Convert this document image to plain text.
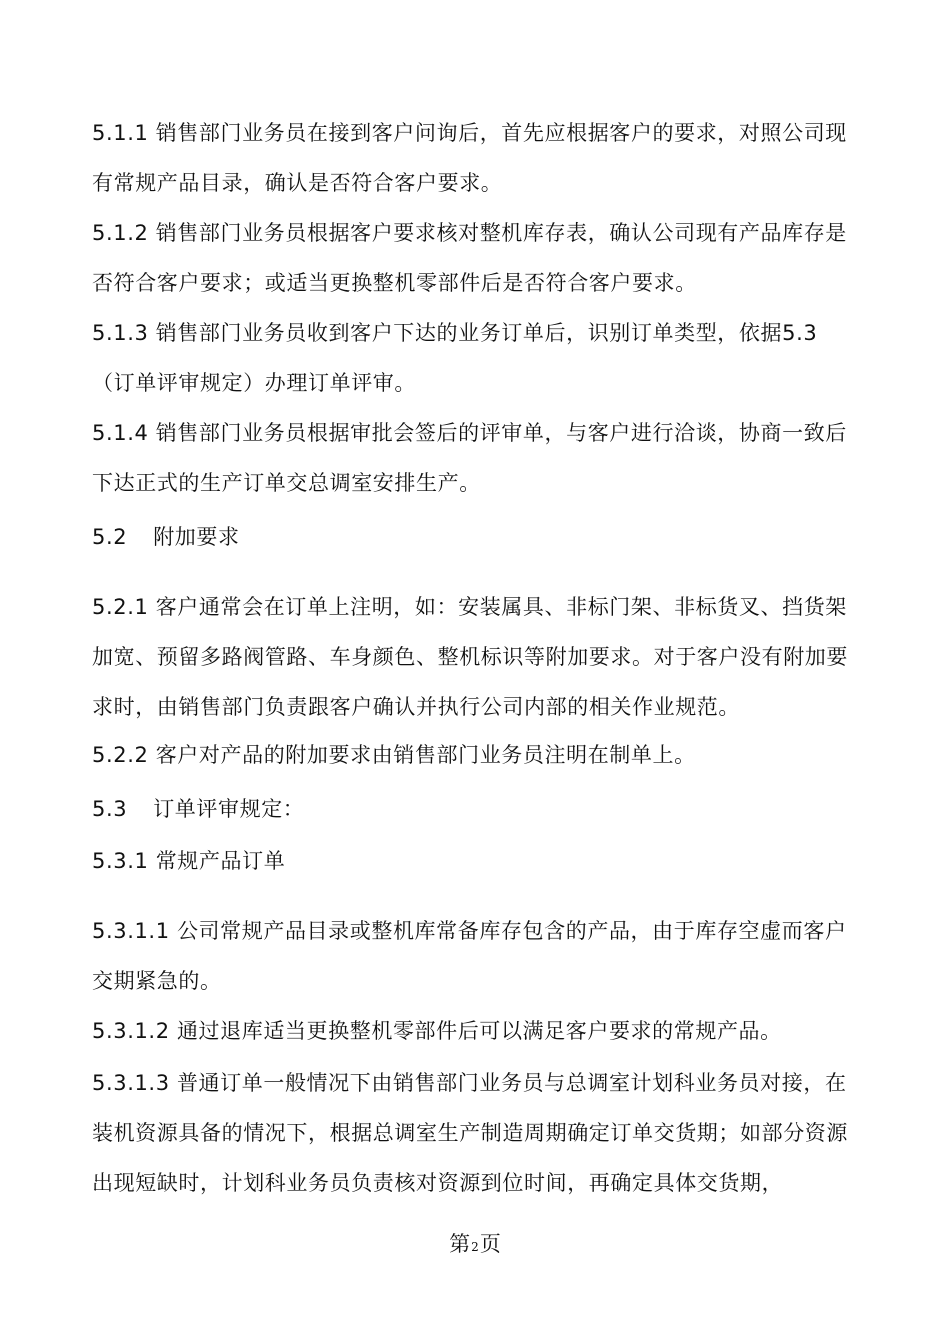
5.1.1 销售部门业务员在接到客户问询后，首先应根据客户的要求，对照公司现有常规产品目录，确认是否符合客户要求。

5.1.2 销售部门业务员根据客户要求核对整机库存表，确认公司现有产品库存是否符合客户要求；或适当更换整机零部件后是否符合客户要求。

5.1.3 销售部门业务员收到客户下达的业务订单后，识别订单类型，依据5.3（订单评审规定）办理订单评审。

5.1.4 销售部门业务员根据审批会签后的评审单，与客户进行洽谈，协商一致后下达正式的生产订单交总调室安排生产。

5.2 附加要求

5.2.1 客户通常会在订单上注明，如：安装属具、非标门架、非标货叉、挡货架加宽、预留多路阀管路、车身颜色、整机标识等附加要求。对于客户没有附加要求时，由销售部门负责跟客户确认并执行公司内部的相关作业规范。

5.2.2 客户对产品的附加要求由销售部门业务员注明在制单上。

5.3 订单评审规定：

5.3.1 常规产品订单

5.3.1.1 公司常规产品目录或整机库常备库存包含的产品，由于库存空虚而客户交期紧急的。

5.3.1.2 通过退库适当更换整机零部件后可以满足客户要求的常规产品。

5.3.1.3 普通订单一般情况下由销售部门业务员与总调室计划科业务员对接，在装机资源具备的情况下，根据总调室生产制造周期确定订单交货期；如部分资源出现短缺时，计划科业务员负责核对资源到位时间，再确定具体交货期，

第2页
